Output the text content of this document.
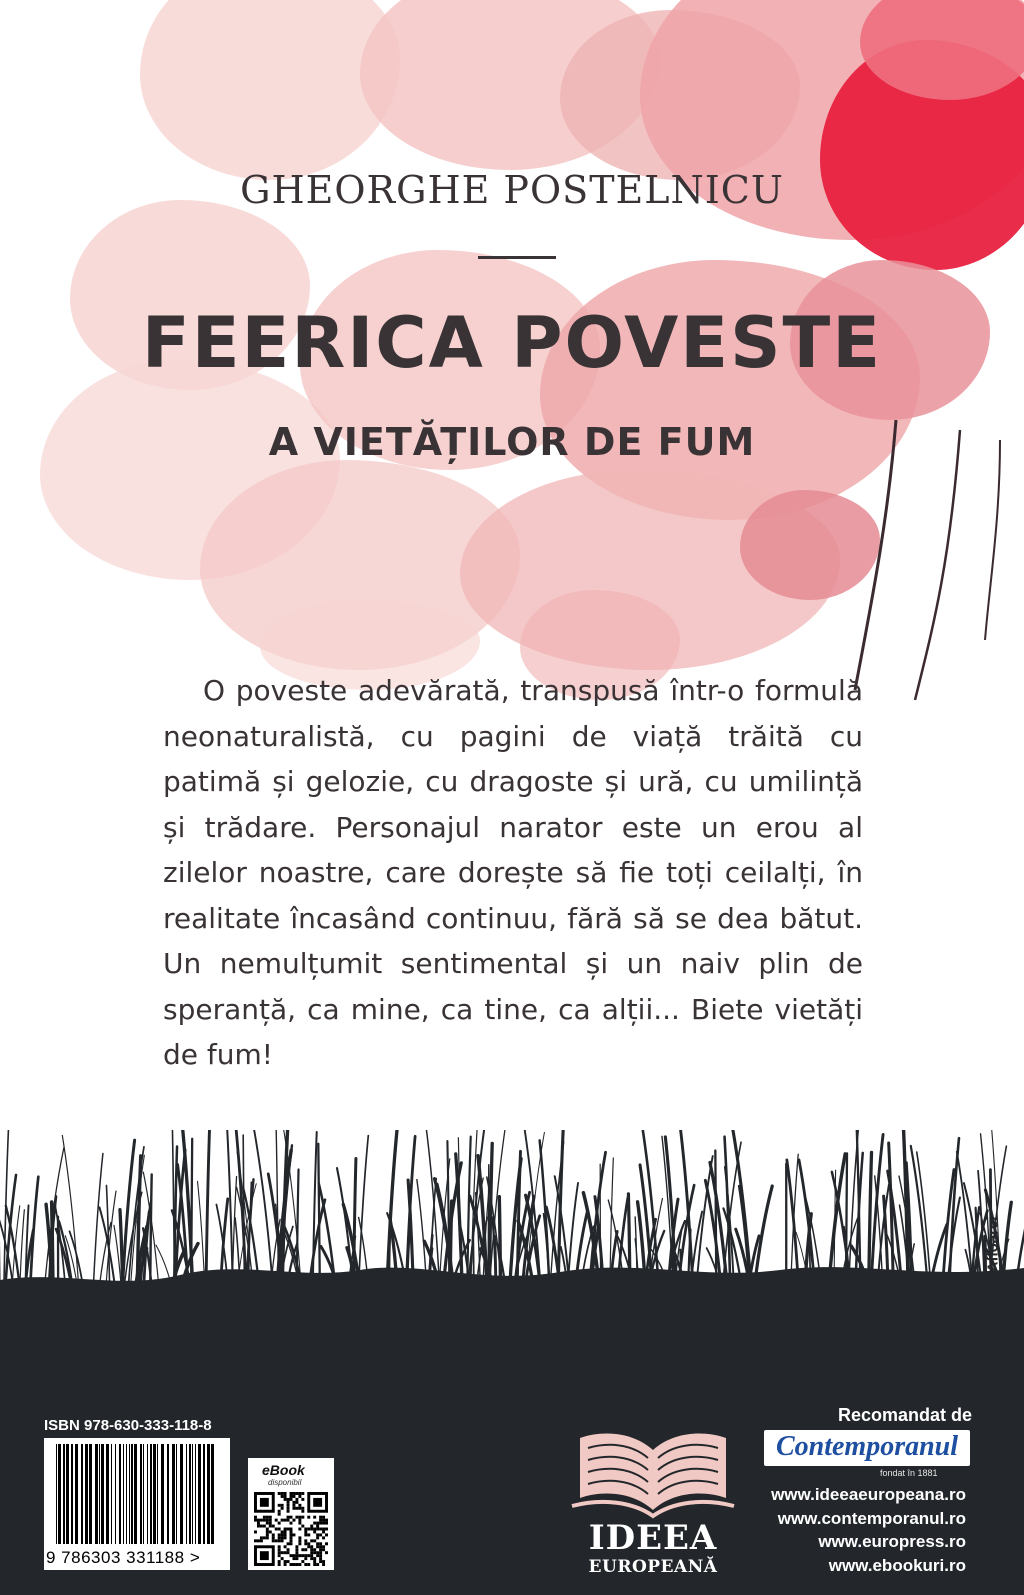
GHEORGHE POSTELNICU
FEERICA POVESTE
A VIETĂȚILOR DE FUM
O poveste adevărată, transpusă într-o formulă neonaturalistă, cu pagini de viață trăită cu patimă și gelozie, cu dragoste și ură, cu umilință și trădare. Personajul narator este un erou al zilelor noastre, care dorește să fie toți ceilalți, în realitate încasând continuu, fără să se dea bătut. Un nemulțumit sentimental și un naiv plin de speranță, ca mine, ca tine, ca alții... Biete vietăți de fum!
ISBN 978-630-333-118-8
9 786303 331188 >
eBook
disponibil
IDEEA
EUROPEANĂ
Recomandat de
Contemporanul
fondat în 1881
www.ideeaeuropeana.ro
www.contemporanul.ro
www.europress.ro
www.ebookuri.ro
